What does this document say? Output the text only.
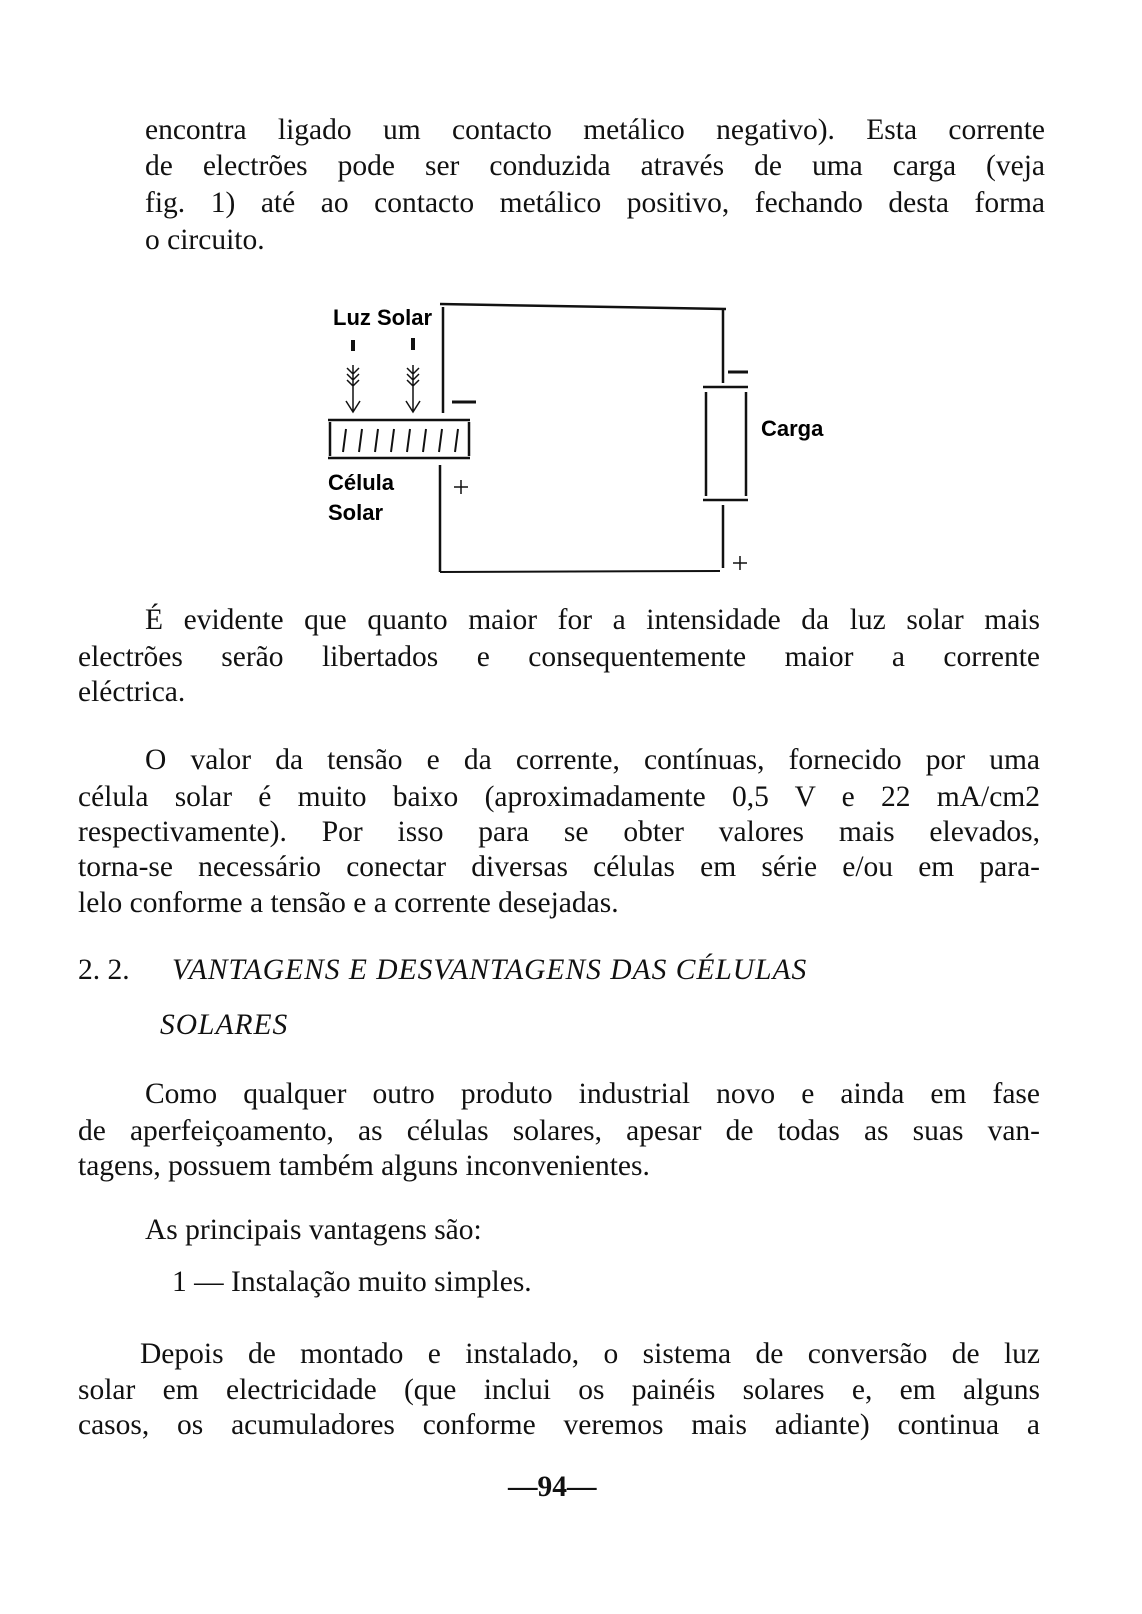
encontra ligado um contacto metálico negativo). Esta corrente
de electrões pode ser conduzida através de uma carga (veja
fig. 1) até ao contacto metálico positivo, fechando desta forma
o circuito.
Luz Solar
Célula
Solar
Carga
É evidente que quanto maior for a intensidade da luz solar mais
electrões serão libertados e consequentemente maior a corrente
eléctrica.
O valor da tensão e da corrente, contínuas, fornecido por uma
célula solar é muito baixo (aproximadamente 0,5 V e 22 mA/cm2
respectivamente). Por isso para se obter valores mais elevados,
torna-se necessário conectar diversas células em série e/ou em para-
lelo conforme a tensão e a corrente desejadas.
2. 2. VANTAGENS E DESVANTAGENS DAS CÉLULAS
SOLARES
Como qualquer outro produto industrial novo e ainda em fase
de aperfeiçoamento, as células solares, apesar de todas as suas van-
tagens, possuem também alguns inconvenientes.
As principais vantagens são:
1 — Instalação muito simples.
Depois de montado e instalado, o sistema de conversão de luz
solar em electricidade (que inclui os painéis solares e, em alguns
casos, os acumuladores conforme veremos mais adiante) continua a
—94—
